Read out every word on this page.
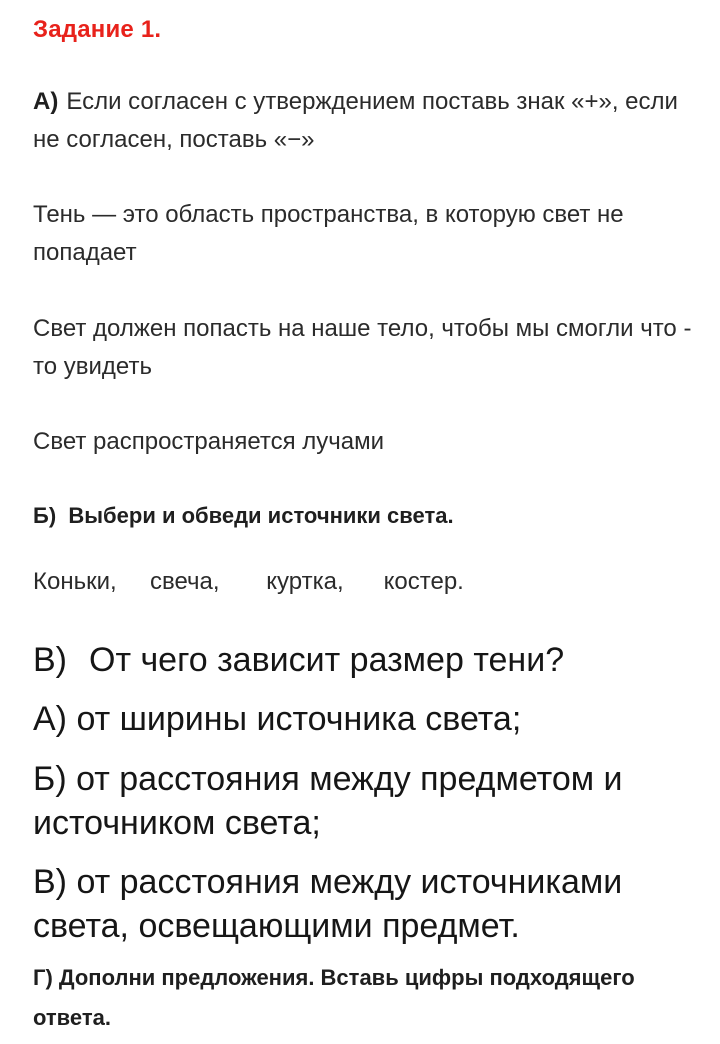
Задание 1.
А) Если согласен с утверждением поставь знак «+», если не согласен, поставь «−»
Тень — это область пространства, в которую свет не попадает
Свет должен попасть на наше тело, чтобы мы смогли что - то увидеть
Свет распространяется лучами
Б) Выбери и обведи источники света.
Коньки, свеча, куртка, костер.
В) От чего зависит размер тени?
А) от ширины источника света;
Б) от расстояния между предметом и источником света;
В) от расстояния между источниками света, освещающими предмет.
Г) Дополни предложения. Вставь цифры подходящего ответа.
